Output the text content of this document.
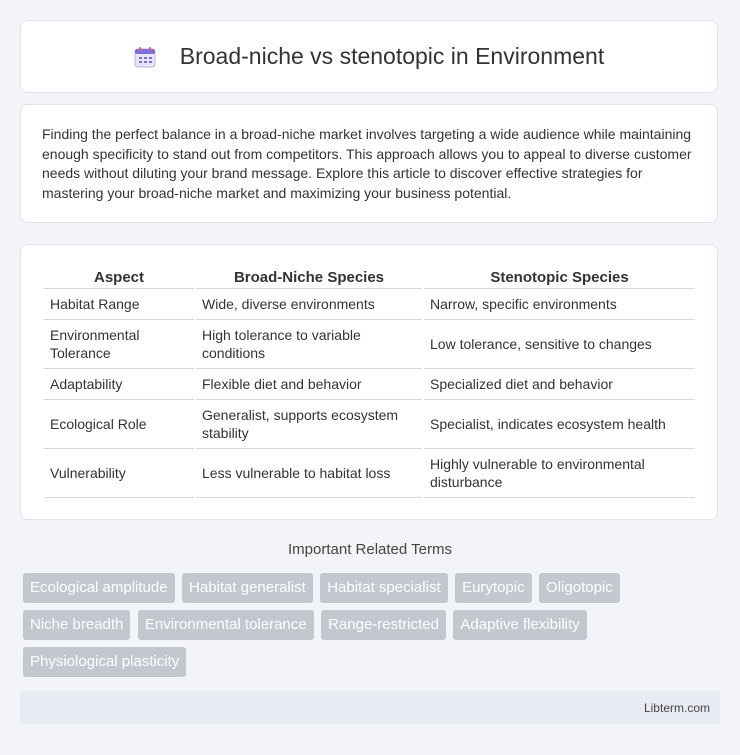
Broad-niche vs stenotopic in Environment

Finding the perfect balance in a broad-niche market involves targeting a wide audience while maintaining enough specificity to stand out from competitors. This approach allows you to appeal to diverse customer needs without diluting your brand message. Explore this article to discover effective strategies for mastering your broad-niche market and maximizing your business potential.

Aspect	Broad-Niche Species	Stenotopic Species
Habitat Range	Wide, diverse environments	Narrow, specific environments
Environmental Tolerance	High tolerance to variable conditions	Low tolerance, sensitive to changes
Adaptability	Flexible diet and behavior	Specialized diet and behavior
Ecological Role	Generalist, supports ecosystem stability	Specialist, indicates ecosystem health
Vulnerability	Less vulnerable to habitat loss	Highly vulnerable to environmental disturbance
Important Related Terms
Ecological amplitude Habitat generalist Habitat specialist Eurytopic Oligotopic Niche breadth Environmental tolerance Range-restricted Adaptive flexibility Physiological plasticity
Libterm.com
